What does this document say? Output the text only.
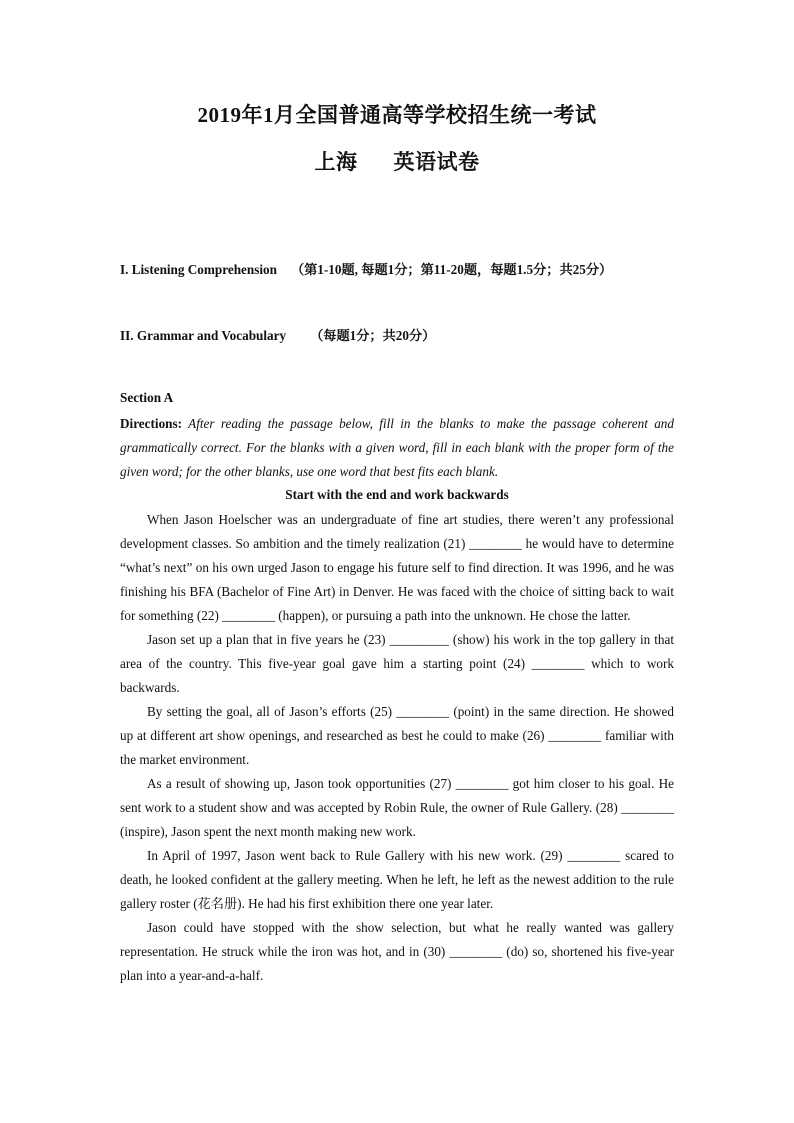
2019年1月全国普通高等学校招生统一考试
上海 英语试卷
I. Listening Comprehension （第1-10题, 每题1分；第11-20题，每题1.5分；共25分）
II. Grammar and Vocabulary （每题1分；共20分）
Section A
Directions: After reading the passage below, fill in the blanks to make the passage coherent and grammatically correct. For the blanks with a given word, fill in each blank with the proper form of the given word; for the other blanks, use one word that best fits each blank.
Start with the end and work backwards

When Jason Hoelscher was an undergraduate of fine art studies, there weren’t any professional development classes. So ambition and the timely realization (21) ________ he would have to determine “what’s next” on his own urged Jason to engage his future self to find direction. It was 1996, and he was finishing his BFA (Bachelor of Fine Art) in Denver. He was faced with the choice of sitting back to wait for something (22) ________ (happen), or pursuing a path into the unknown. He chose the latter.

Jason set up a plan that in five years he (23) _________ (show) his work in the top gallery in that area of the country. This five-year goal gave him a starting point (24) ________ which to work backwards.

By setting the goal, all of Jason’s efforts (25) ________ (point) in the same direction. He showed up at different art show openings, and researched as best he could to make (26) ________ familiar with the market environment.

As a result of showing up, Jason took opportunities (27) ________ got him closer to his goal. He sent work to a student show and was accepted by Robin Rule, the owner of Rule Gallery. (28) ________ (inspire), Jason spent the next month making new work.

In April of 1997, Jason went back to Rule Gallery with his new work. (29) ________ scared to death, he looked confident at the gallery meeting. When he left, he left as the newest addition to the rule gallery roster (花名册). He had his first exhibition there one year later.

Jason could have stopped with the show selection, but what he really wanted was gallery representation. He struck while the iron was hot, and in (30) ________ (do) so, shortened his five-year plan into a year-and-a-half.
